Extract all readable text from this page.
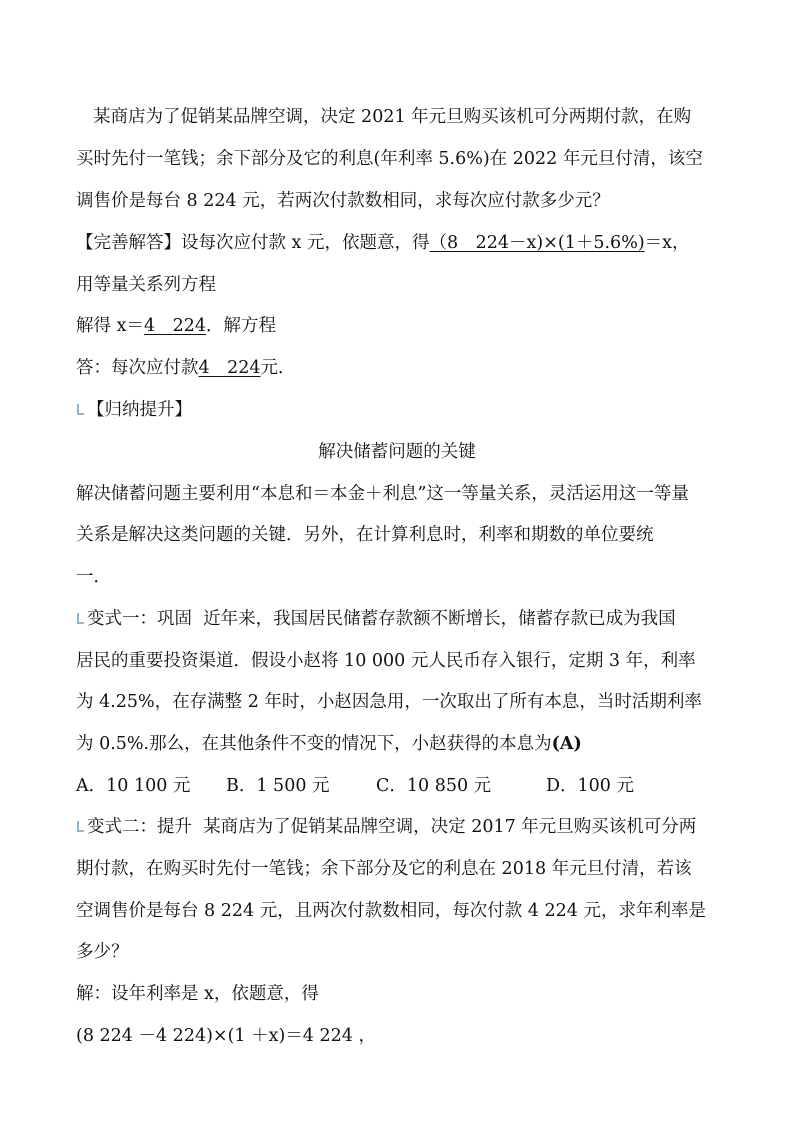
某商店为了促销某品牌空调，决定 2021 年元旦购买该机可分两期付款，在购
买时先付一笔钱；余下部分及它的利息(年利率 5.6%)在 2022 年元旦付清，该空
调售价是每台 8 224 元，若两次付款数相同，求每次应付款多少元？
【完善解答】设每次应付款 x 元，依题意，得（8　224－x)×(1＋5.6%)＝x，
用等量关系列方程
解得 x＝4　224．解方程
答：每次应付款4　224元．
【归纳提升】
解决储蓄问题的关键
解决储蓄问题主要利用“本息和＝本金＋利息”这一等量关系，灵活运用这一等量
关系是解决这类问题的关键．另外，在计算利息时，利率和期数的单位要统
一．
变式一：巩固 近年来，我国居民储蓄存款额不断增长，储蓄存款已成为我国
居民的重要投资渠道．假设小赵将 10 000 元人民币存入银行，定期 3 年，利率
为 4.25%，在存满整 2 年时，小赵因急用，一次取出了所有本息，当时活期利率
为 0.5%.那么，在其他条件不变的情况下，小赵获得的本息为(A)
A．10 100 元 B．1 500 元	C．10 850 元	D．100 元
变式二：提升 某商店为了促销某品牌空调，决定 2017 年元旦购买该机可分两
期付款，在购买时先付一笔钱；余下部分及它的利息在 2018 年元旦付清，若该
空调售价是每台 8 224 元，且两次付款数相同，每次付款 4 224 元，求年利率是
多少？
解：设年利率是 x，依题意，得
(8 224 －4 224)×(1 ＋x)＝4 224 ，
